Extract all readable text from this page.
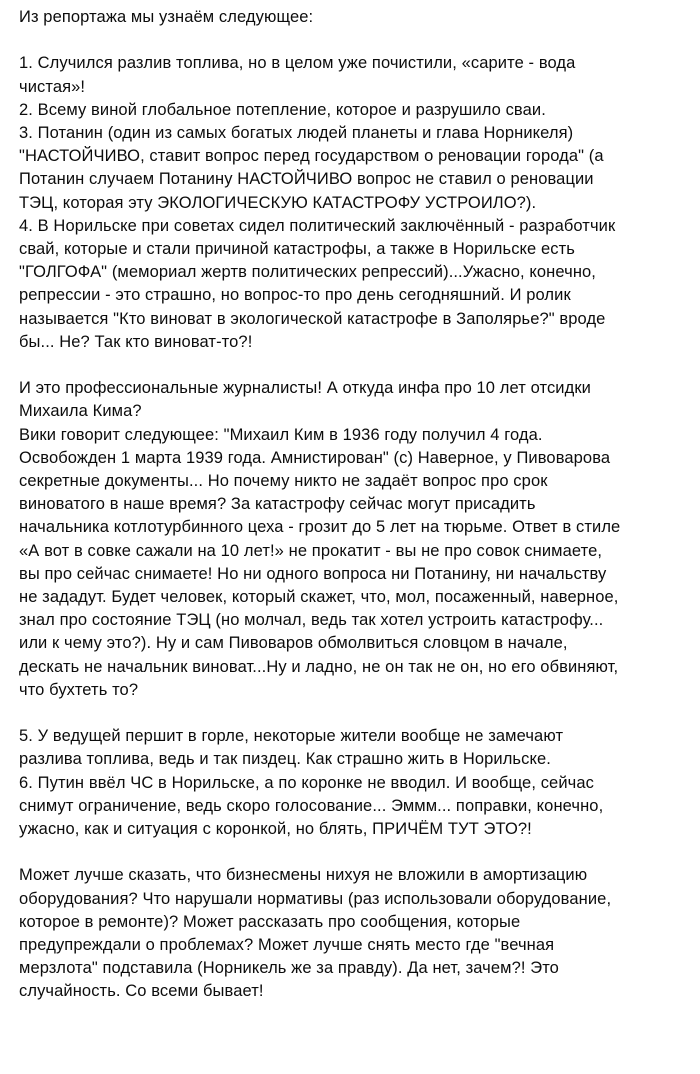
Из репортажа мы узнаём следующее:
1. Случился разлив топлива, но в целом уже почистили, «сарите - вода
чистая»!
2. Всему виной глобальное потепление, которое и разрушило сваи.
3. Потанин (один из самых богатых людей планеты и глава Норникеля)
"НАСТОЙЧИВО, ставит вопрос перед государством о реновации города" (а
Потанин случаем Потанину НАСТОЙЧИВО вопрос не ставил о реновации
ТЭЦ, которая эту ЭКОЛОГИЧЕСКУЮ КАТАСТРОФУ УСТРОИЛО?).
4. В Норильске при советах сидел политический заключённый - разработчик
свай, которые и стали причиной катастрофы, а также в Норильске есть
"ГОЛГОФА" (мемориал жертв политических репрессий)...Ужасно, конечно,
репрессии - это страшно, но вопрос-то про день сегодняшний. И ролик
называется "Кто виноват в экологической катастрофе в Заполярье?" вроде
бы... Не? Так кто виноват-то?!
И это профессиональные журналисты! А откуда инфа про 10 лет отсидки
Михаила Кима?
Вики говорит следующее: "Михаил Ким в 1936 году получил 4 года.
Освобожден 1 марта 1939 года. Амнистирован" (с) Наверное, у Пивоварова
секретные документы... Но почему никто не задаёт вопрос про срок
виноватого в наше время? За катастрофу сейчас могут присадить
начальника котлотурбинного цеха - грозит до 5 лет на тюрьме. Ответ в стиле
«А вот в совке сажали на 10 лет!» не прокатит - вы не про совок снимаете,
вы про сейчас снимаете! Но ни одного вопроса ни Потанину, ни начальству
не зададут. Будет человек, который скажет, что, мол, посаженный, наверное,
знал про состояние ТЭЦ (но молчал, ведь так хотел устроить катастрофу...
или к чему это?). Ну и сам Пивоваров обмолвиться словцом в начале,
дескать не начальник виноват...Ну и ладно, не он так не он, но его обвиняют,
что бухтеть то?
5. У ведущей першит в горле, некоторые жители вообще не замечают
разлива топлива, ведь и так пиздец. Как страшно жить в Норильске.
6. Путин ввёл ЧС в Норильске, а по коронке не вводил. И вообще, сейчас
снимут ограничение, ведь скоро голосование... Эммм... поправки, конечно,
ужасно, как и ситуация с коронкой, но блять, ПРИЧЁМ ТУТ ЭТО?!
Может лучше сказать, что бизнесмены нихуя не вложили в амортизацию
оборудования? Что нарушали нормативы (раз использовали оборудование,
которое в ремонте)? Может рассказать про сообщения, которые
предупреждали о проблемах? Может лучше снять место где "вечная
мерзлота" подставила (Норникель же за правду). Да нет, зачем?! Это
случайность. Со всеми бывает!
